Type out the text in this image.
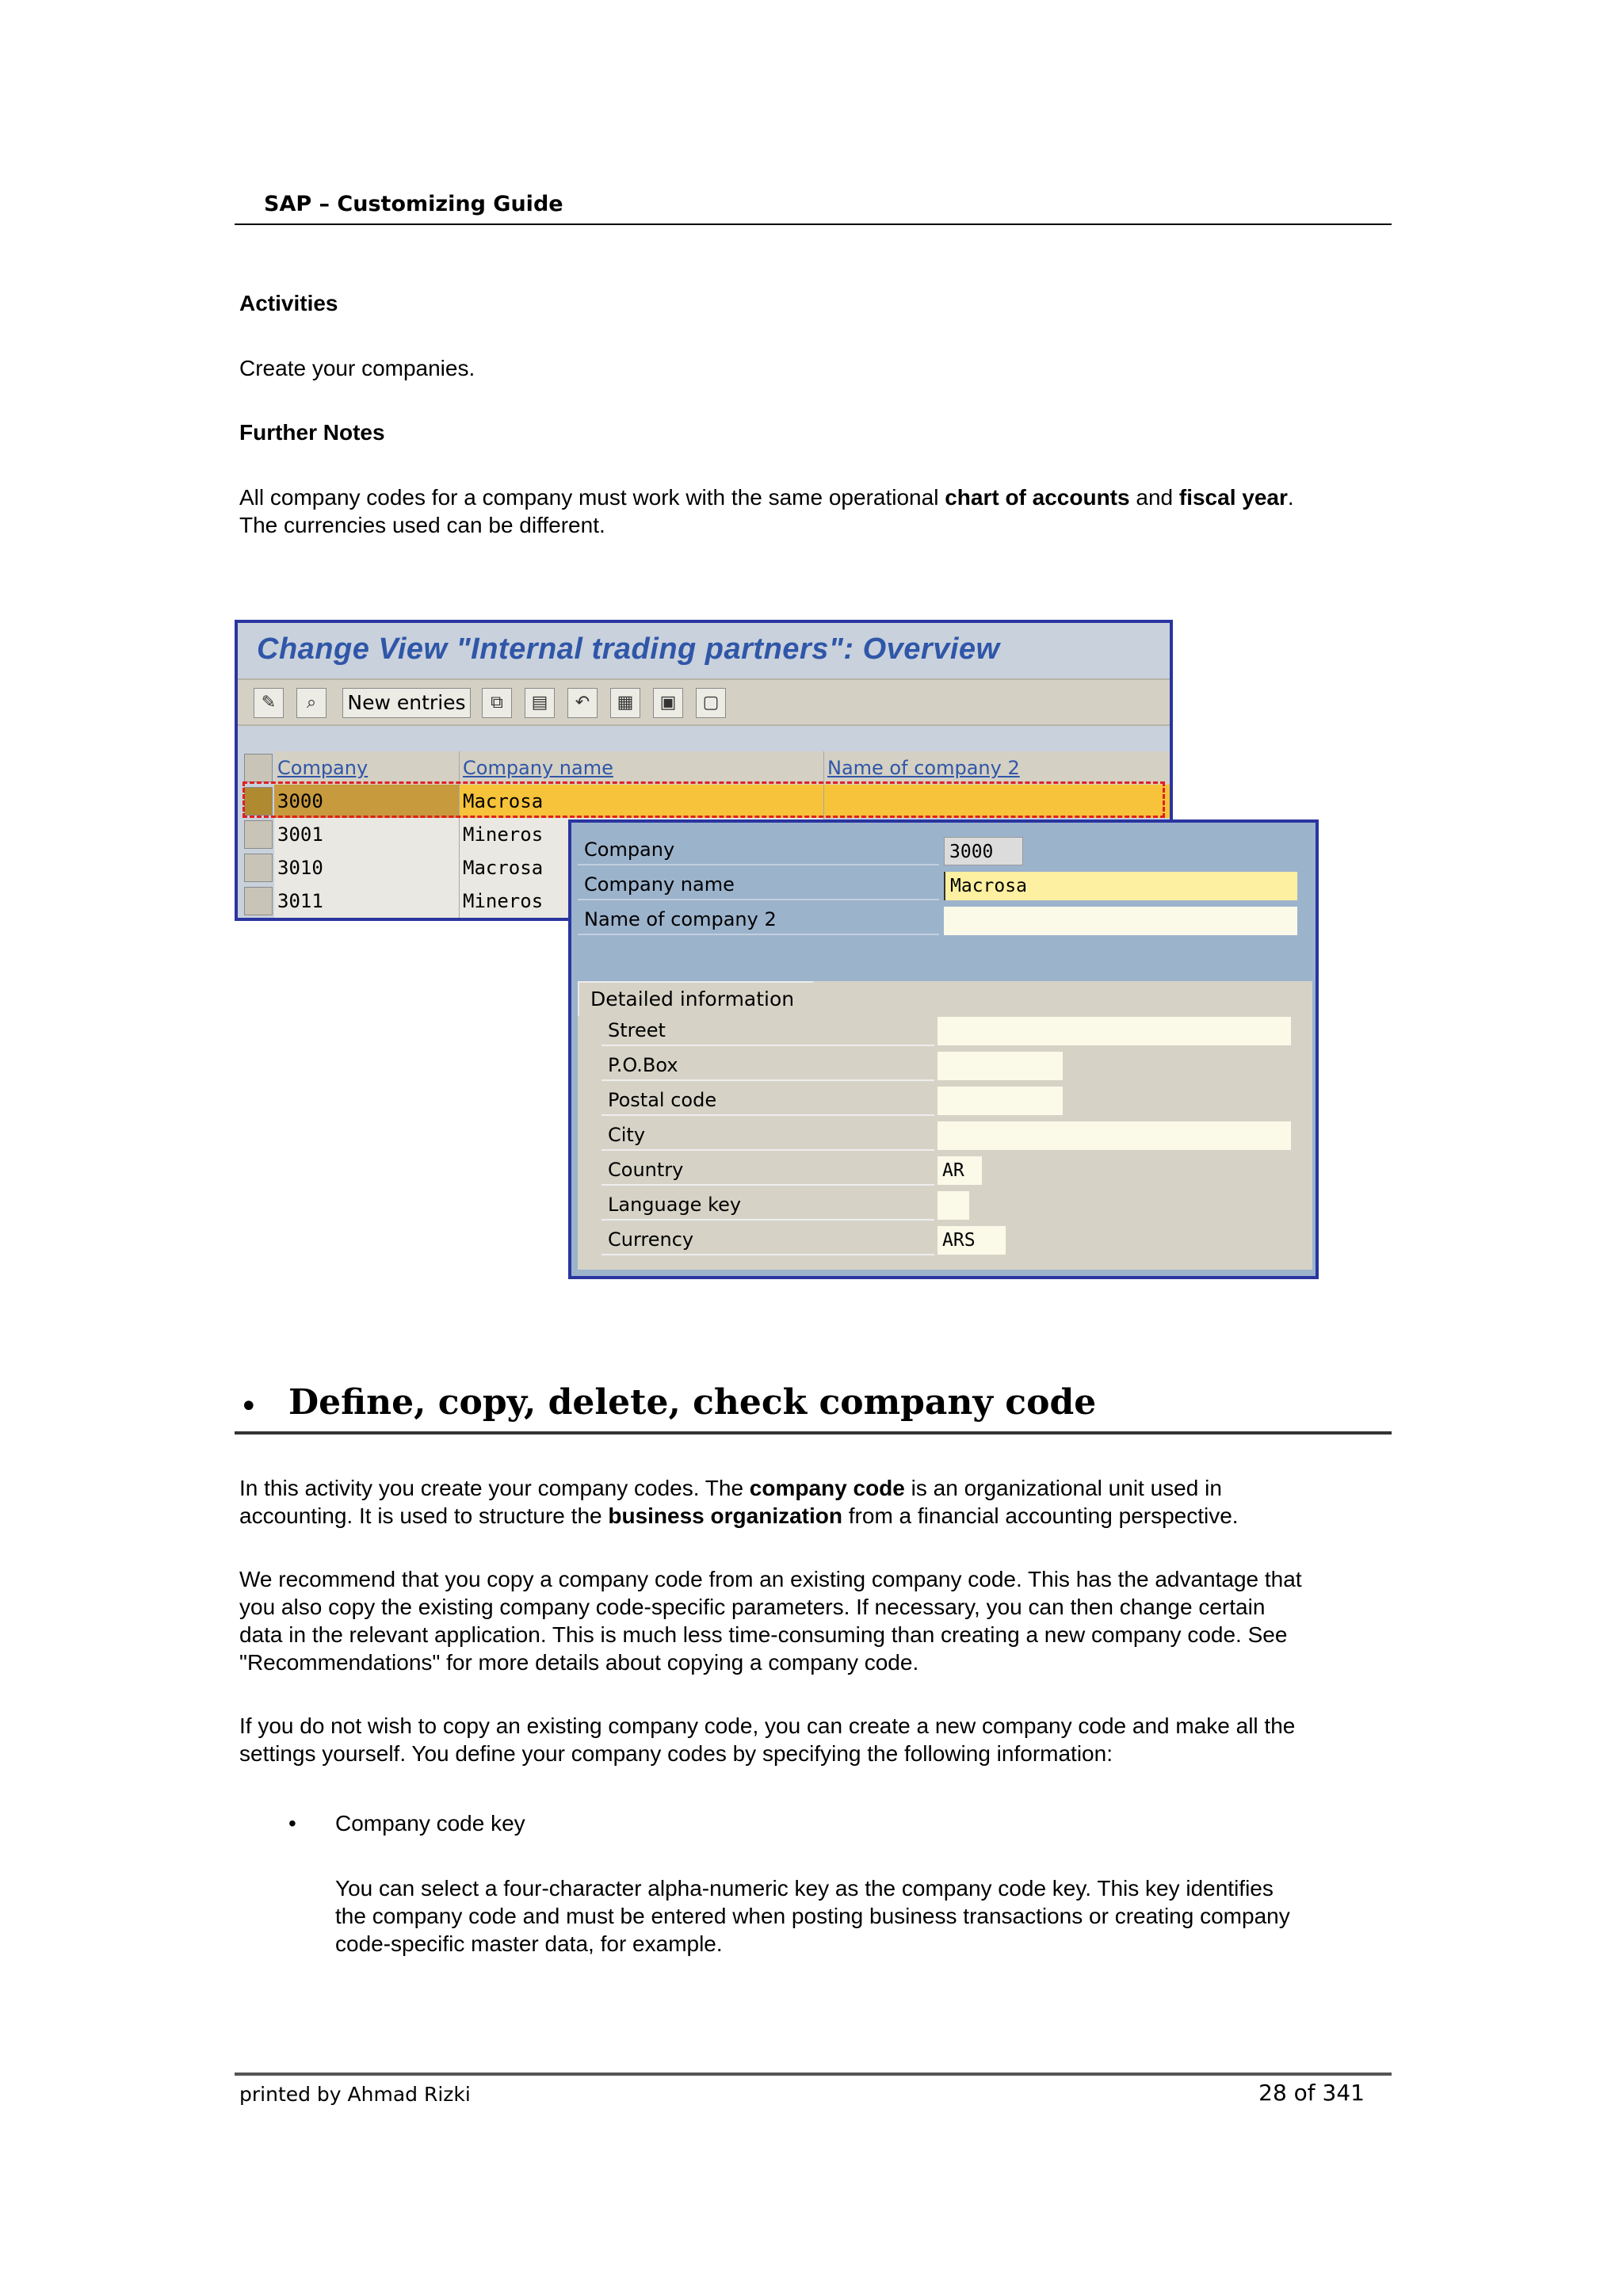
SAP – Customizing Guide
Activities
Create your companies.
Further Notes
All company codes for a company must work with the same operational chart of accounts and fiscal year.
The currencies used can be different.
Change View "Internal trading partners": Overview
✎	⌕	New entries	⧉	▤	↶	▦	▣	▢
Company	Company name	Name of company 2
3000	Macrosa
3001	Mineros
3010	Macrosa
3011	Mineros
Company	3000
Company name	Macrosa
Name of company 2
Detailed information
Street
P.O.Box
Postal code
City
Country	AR
Language key
Currency	ARS
• Define, copy, delete, check company code

In this activity you create your company codes. The company code is an organizational unit used in

accounting. It is used to structure the business organization from a financial accounting perspective.

We recommend that you copy a company code from an existing company code. This has the advantage that

you also copy the existing company code-specific parameters. If necessary, you can then change certain

data in the relevant application. This is much less time-consuming than creating a new company code. See

"Recommendations" for more details about copying a company code.

If you do not wish to copy an existing company code, you can create a new company code and make all the

settings yourself. You define your company codes by specifying the following information:

• Company code key

You can select a four-character alpha-numeric key as the company code key. This key identifies

the company code and must be entered when posting business transactions or creating company

code-specific master data, for example.

printed by Ahmad Rizki	28 of 341
